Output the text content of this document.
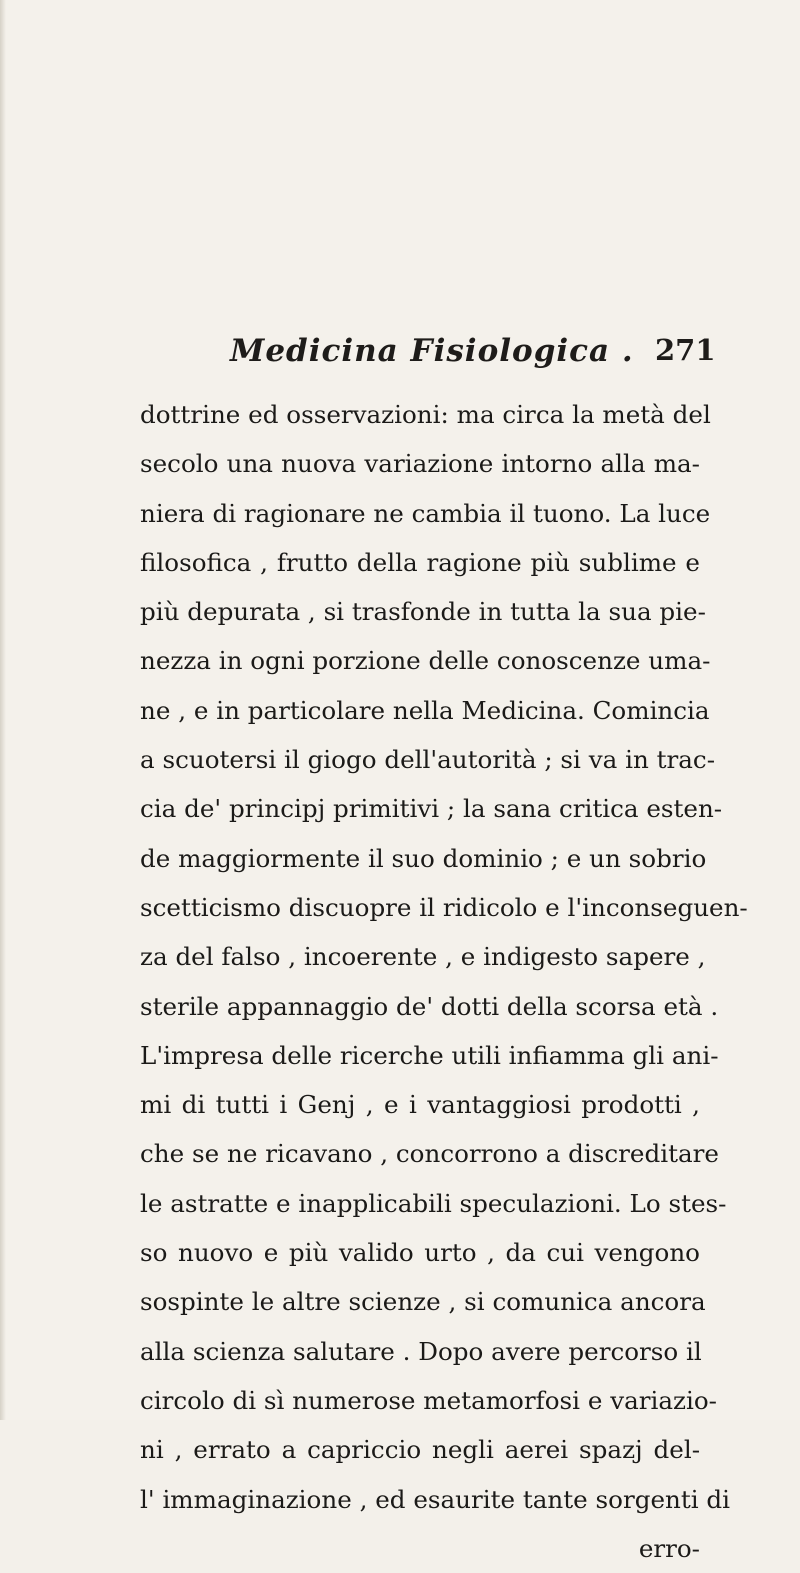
Medicina Fisiologica . 271
dottrine ed osservazioni: ma circa la metà del
secolo una nuova variazione intorno alla ma-
niera di ragionare ne cambia il tuono. La luce
filosofica , frutto della ragione più sublime e
più depurata , si trasfonde in tutta la sua pie-
nezza in ogni porzione delle conoscenze uma-
ne , e in particolare nella Medicina. Comincia
a scuotersi il giogo dell'autorità ; si va in trac-
cia de' principj primitivi ; la sana critica esten-
de maggiormente il suo dominio ; e un sobrio
scetticismo discuopre il ridicolo e l'inconseguen-
za del falso , incoerente , e indigesto sapere ,
sterile appannaggio de' dotti della scorsa età .
L'impresa delle ricerche utili infiamma gli ani-
mi di tutti i Genj , e i vantaggiosi prodotti ,
che se ne ricavano , concorrono a discreditare
le astratte e inapplicabili speculazioni. Lo stes-
so nuovo e più valido urto , da cui vengono
sospinte le altre scienze , si comunica ancora
alla scienza salutare . Dopo avere percorso il
circolo di sì numerose metamorfosi e variazio-
ni , errato a capriccio negli aerei spazj del-
l' immaginazione , ed esaurite tante sorgenti di
erro-
